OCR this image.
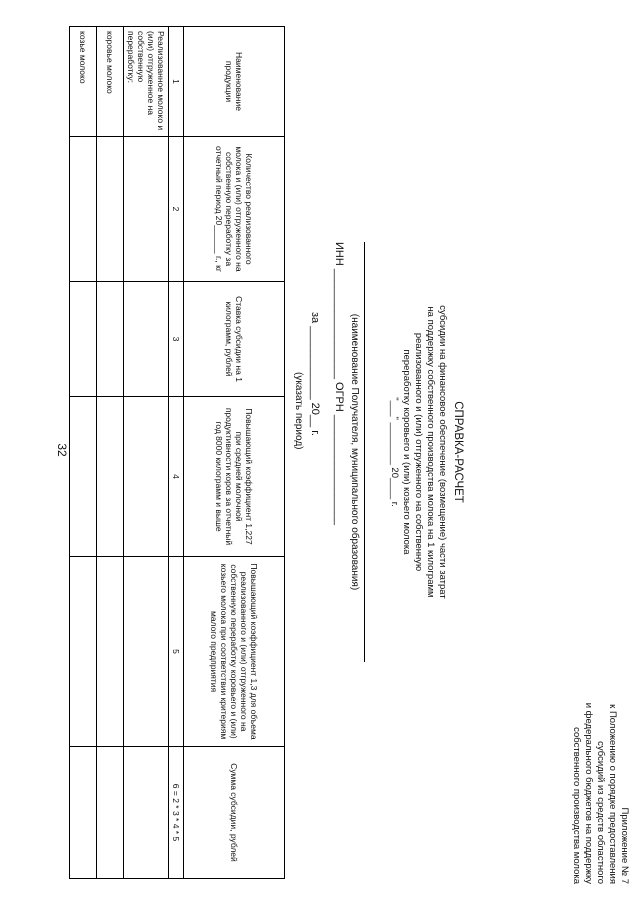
32
Приложение № 7
к Положению о порядке предоставления
субсидий из средств областного
и федерального бюджетов на поддержку
собственного производства молока
СПРАВКА-РАСЧЕТ
субсидии на финансовое обеспечение (возмещение) части затрат
на поддержку собственного производства молока на 1 килограмм
реализованного и (или) отгруженного на собственную
переработку коровьего и (или) козьего молока
"___" ________ 20____ г.
(наименование Получателя, муниципального образования)
ИНН __________________ ОГРН __________________
за ____________ 20__ г.
(указать период)
Наименование продукции	Количество реализованного молока и (или) отгруженного на собственную переработку за отчетный период 20______ г., кг	Ставка субсидии на 1 килограмм, рублей	Повышающий коэффициент 1,227 при средней молочной продуктивности коров за отчетный год 8000 килограмм и выше	Повышающий коэффициент 1,3 для объема реализованного и (или) отгруженного на собственную переработку коровьего и (или) козьего молока при соответствии критериям малого предприятия	Сумма субсидии, рублей
1	2	3	4	5	6 = 2 * 3 * 4 * 5
Реализованное молоко и (или) отгруженное на собственную переработку:					
коровье молоко					
козье молоко					
